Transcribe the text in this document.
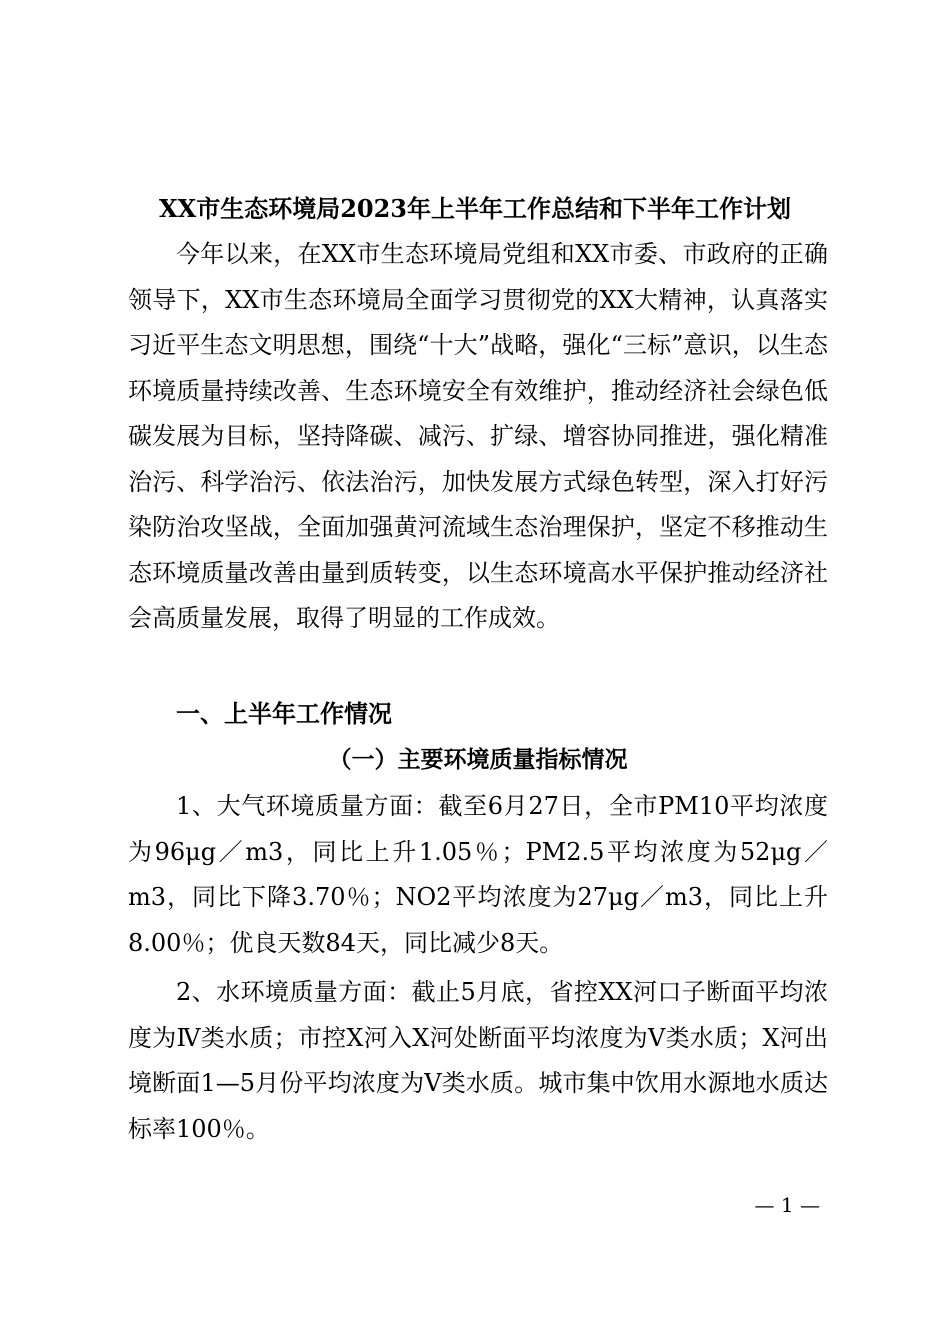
XX市生态环境局2023年上半年工作总结和下半年工作计划
今年以来，在XX市生态环境局党组和XX市委、市政府的正确领导下，XX市生态环境局全面学习贯彻党的XX大精神，认真落实习近平生态文明思想，围绕“十大”战略，强化“三标”意识，以生态环境质量持续改善、生态环境安全有效维护，推动经济社会绿色低碳发展为目标，坚持降碳、减污、扩绿、增容协同推进，强化精准治污、科学治污、依法治污，加快发展方式绿色转型，深入打好污染防治攻坚战，全面加强黄河流域生态治理保护，坚定不移推动生态环境质量改善由量到质转变，以生态环境高水平保护推动经济社会高质量发展，取得了明显的工作成效。
一、上半年工作情况
（一）主要环境质量指标情况
1、大气环境质量方面：截至6月27日，全市PM10平均浓度为96μg／m3，同比上升1.05％；PM2.5平均浓度为52μg／m3，同比下降3.70％；NO2平均浓度为27μg／m3，同比上升8.00％；优良天数84天，同比减少8天。
2、水环境质量方面：截止5月底，省控XX河口子断面平均浓度为Ⅳ类水质；市控X河入X河处断面平均浓度为Ⅴ类水质；X河出境断面1—5月份平均浓度为Ⅴ类水质。城市集中饮用水源地水质达标率100％。
— 1 —
